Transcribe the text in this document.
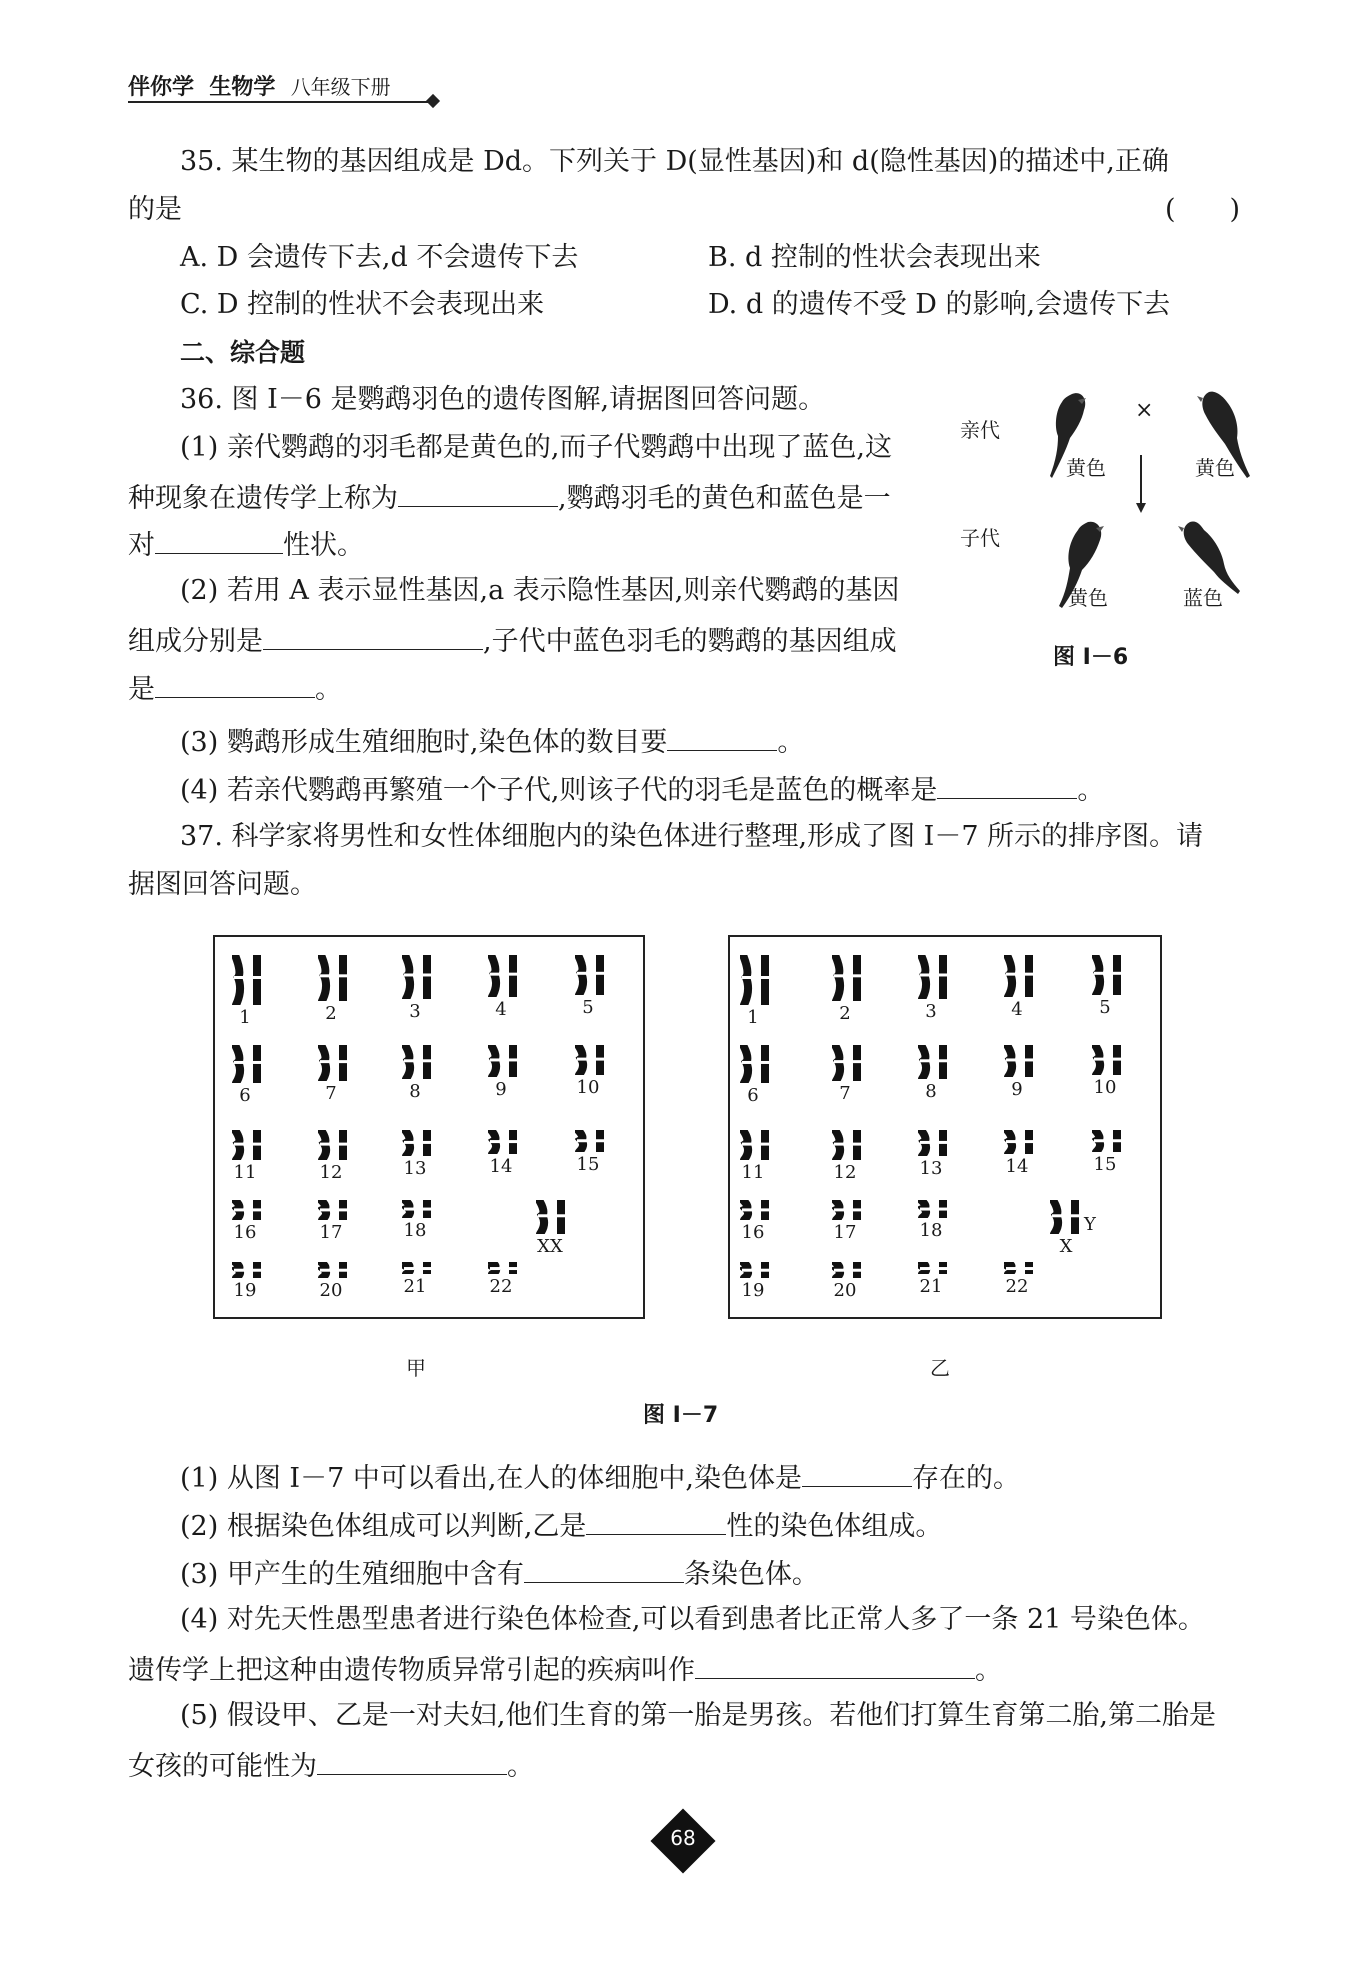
伴你学 生物学 八年级下册
35. 某生物的基因组成是 Dd。下列关于 D(显性基因)和 d(隐性基因)的描述中,正确
的是	(　　)
A. D 会遗传下去,d 不会遗传下去	B. d 控制的性状会表现出来
C. D 控制的性状不会表现出来	D. d 的遗传不受 D 的影响,会遗传下去
二、综合题
36. 图 Ⅰ－6 是鹦鹉羽色的遗传图解,请据图回答问题。
(1) 亲代鹦鹉的羽毛都是黄色的,而子代鹦鹉中出现了蓝色,这
种现象在遗传学上称为	,鹦鹉羽毛的黄色和蓝色是一
对	性状。
(2) 若用 A 表示显性基因,a 表示隐性基因,则亲代鹦鹉的基因
组成分别是	,子代中蓝色羽毛的鹦鹉的基因组成
是	。
(3) 鹦鹉形成生殖细胞时,染色体的数目要	。
(4) 若亲代鹦鹉再繁殖一个子代,则该子代的羽毛是蓝色的概率是	。
亲代
子代
×
黄色	黄色
黄色	蓝色
图 Ⅰ－6
37. 科学家将男性和女性体细胞内的染色体进行整理,形成了图 Ⅰ－7 所示的排序图。请
据图回答问题。
1	2	3	4	5
6	7	8	9	10
11	12	13	14	15
16	17	18
19	20	21	22
XX
1	2	3	4	5
6	7	8	9	10
11	12	13	14	15
16	17	18
19	20	21	22
Y
X
甲	乙
图 Ⅰ－7
(1) 从图 Ⅰ－7 中可以看出,在人的体细胞中,染色体是	存在的。
(2) 根据染色体组成可以判断,乙是	性的染色体组成。
(3) 甲产生的生殖细胞中含有	条染色体。
(4) 对先天性愚型患者进行染色体检查,可以看到患者比正常人多了一条 21 号染色体。
遗传学上把这种由遗传物质异常引起的疾病叫作	。
(5) 假设甲、乙是一对夫妇,他们生育的第一胎是男孩。若他们打算生育第二胎,第二胎是
女孩的可能性为	。
68
